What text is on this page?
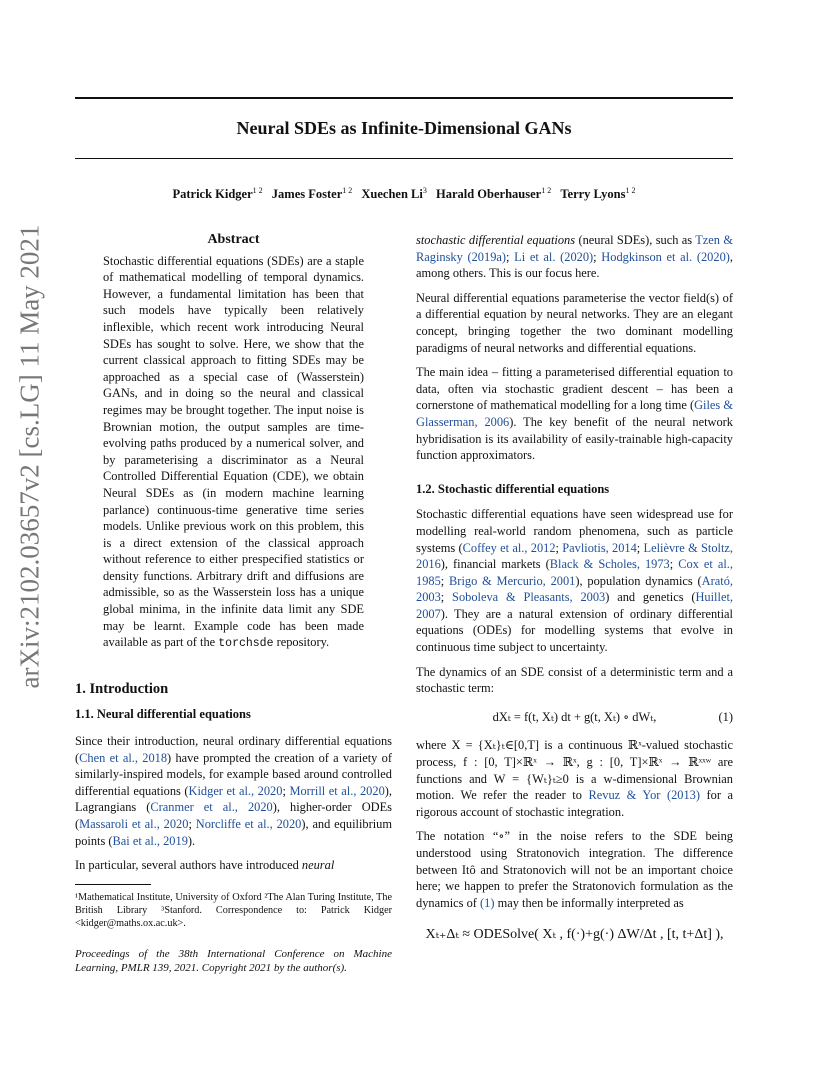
arXiv:2102.03657v2 [cs.LG] 11 May 2021
Neural SDEs as Infinite-Dimensional GANs
Patrick Kidger$^{1 2}$ James Foster$^{1 2}$ Xuechen Li$^3$ Harald Oberhauser$^{1 2}$ Terry Lyons$^{1 2}$
Abstract

Stochastic differential equations (SDEs) are a staple of mathematical modelling of temporal dynamics. However, a fundamental limitation has been that such models have typically been relatively inflexible, which recent work introducing Neural SDEs has sought to solve. Here, we show that the current classical approach to fitting SDEs may be approached as a special case of (Wasserstein) GANs, and in doing so the neural and classical regimes may be brought together. The input noise is Brownian motion, the output samples are time-evolving paths produced by a numerical solver, and by parameterising a discriminator as a Neural Controlled Differential Equation (CDE), we obtain Neural SDEs as (in modern machine learning parlance) continuous-time generative time series models. Unlike previous work on this problem, this is a direct extension of the classical approach without reference to either prespecified statistics or density functions. Arbitrary drift and diffusions are admissible, so as the Wasserstein loss has a unique global minima, in the infinite data limit any SDE may be learnt. Example code has been made available as part of the torchsde repository.

1. Introduction
1.1. Neural differential equations

Since their introduction, neural ordinary differential equations (Chen et al., 2018) have prompted the creation of a variety of similarly-inspired models, for example based around controlled differential equations (Kidger et al., 2020; Morrill et al., 2020), Lagrangians (Cranmer et al., 2020), higher-order ODEs (Massaroli et al., 2020; Norcliffe et al., 2020), and equilibrium points (Bai et al., 2019).

In particular, several authors have introduced neural

¹Mathematical Institute, University of Oxford ²The Alan Turing Institute, The British Library ³Stanford. Correspondence to: Patrick Kidger <kidger@maths.ox.ac.uk>.

Proceedings of the 38th International Conference on Machine Learning, PMLR 139, 2021. Copyright 2021 by the author(s).

stochastic differential equations (neural SDEs), such as Tzen & Raginsky (2019a); Li et al. (2020); Hodgkinson et al. (2020), among others. This is our focus here.

Neural differential equations parameterise the vector field(s) of a differential equation by neural networks. They are an elegant concept, bringing together the two dominant modelling paradigms of neural networks and differential equations.

The main idea – fitting a parameterised differential equation to data, often via stochastic gradient descent – has been a cornerstone of mathematical modelling for a long time (Giles & Glasserman, 2006). The key benefit of the neural network hybridisation is its availability of easily-trainable high-capacity function approximators.

1.2. Stochastic differential equations

Stochastic differential equations have seen widespread use for modelling real-world random phenomena, such as particle systems (Coffey et al., 2012; Pavliotis, 2014; Lelièvre & Stoltz, 2016), financial markets (Black & Scholes, 1973; Cox et al., 1985; Brigo & Mercurio, 2001), population dynamics (Arató, 2003; Soboleva & Pleasants, 2003) and genetics (Huillet, 2007). They are a natural extension of ordinary differential equations (ODEs) for modelling systems that evolve in continuous time subject to uncertainty.

The dynamics of an SDE consist of a deterministic term and a stochastic term:

dXₜ = f(t, Xₜ) dt + g(t, Xₜ) ∘ dWₜ,	(1)

where X = {Xₜ}ₜ∈[0,T] is a continuous ℝˣ-valued stochastic process, f : [0, T]×ℝˣ → ℝˣ, g : [0, T]×ℝˣ → ℝˣˣʷ are functions and W = {Wₜ}ₜ≥0 is a w-dimensional Brownian motion. We refer the reader to Revuz & Yor (2013) for a rigorous account of stochastic integration.

The notation “∘” in the noise refers to the SDE being understood using Stratonovich integration. The difference between Itô and Stratonovich will not be an important choice here; we happen to prefer the Stratonovich formulation as the dynamics of (1) may then be informally interpreted as

Xₜ₊Δₜ ≈ ODESolve( Xₜ , f(·)+g(·) ΔW/Δt , [t, t+Δt] ),
